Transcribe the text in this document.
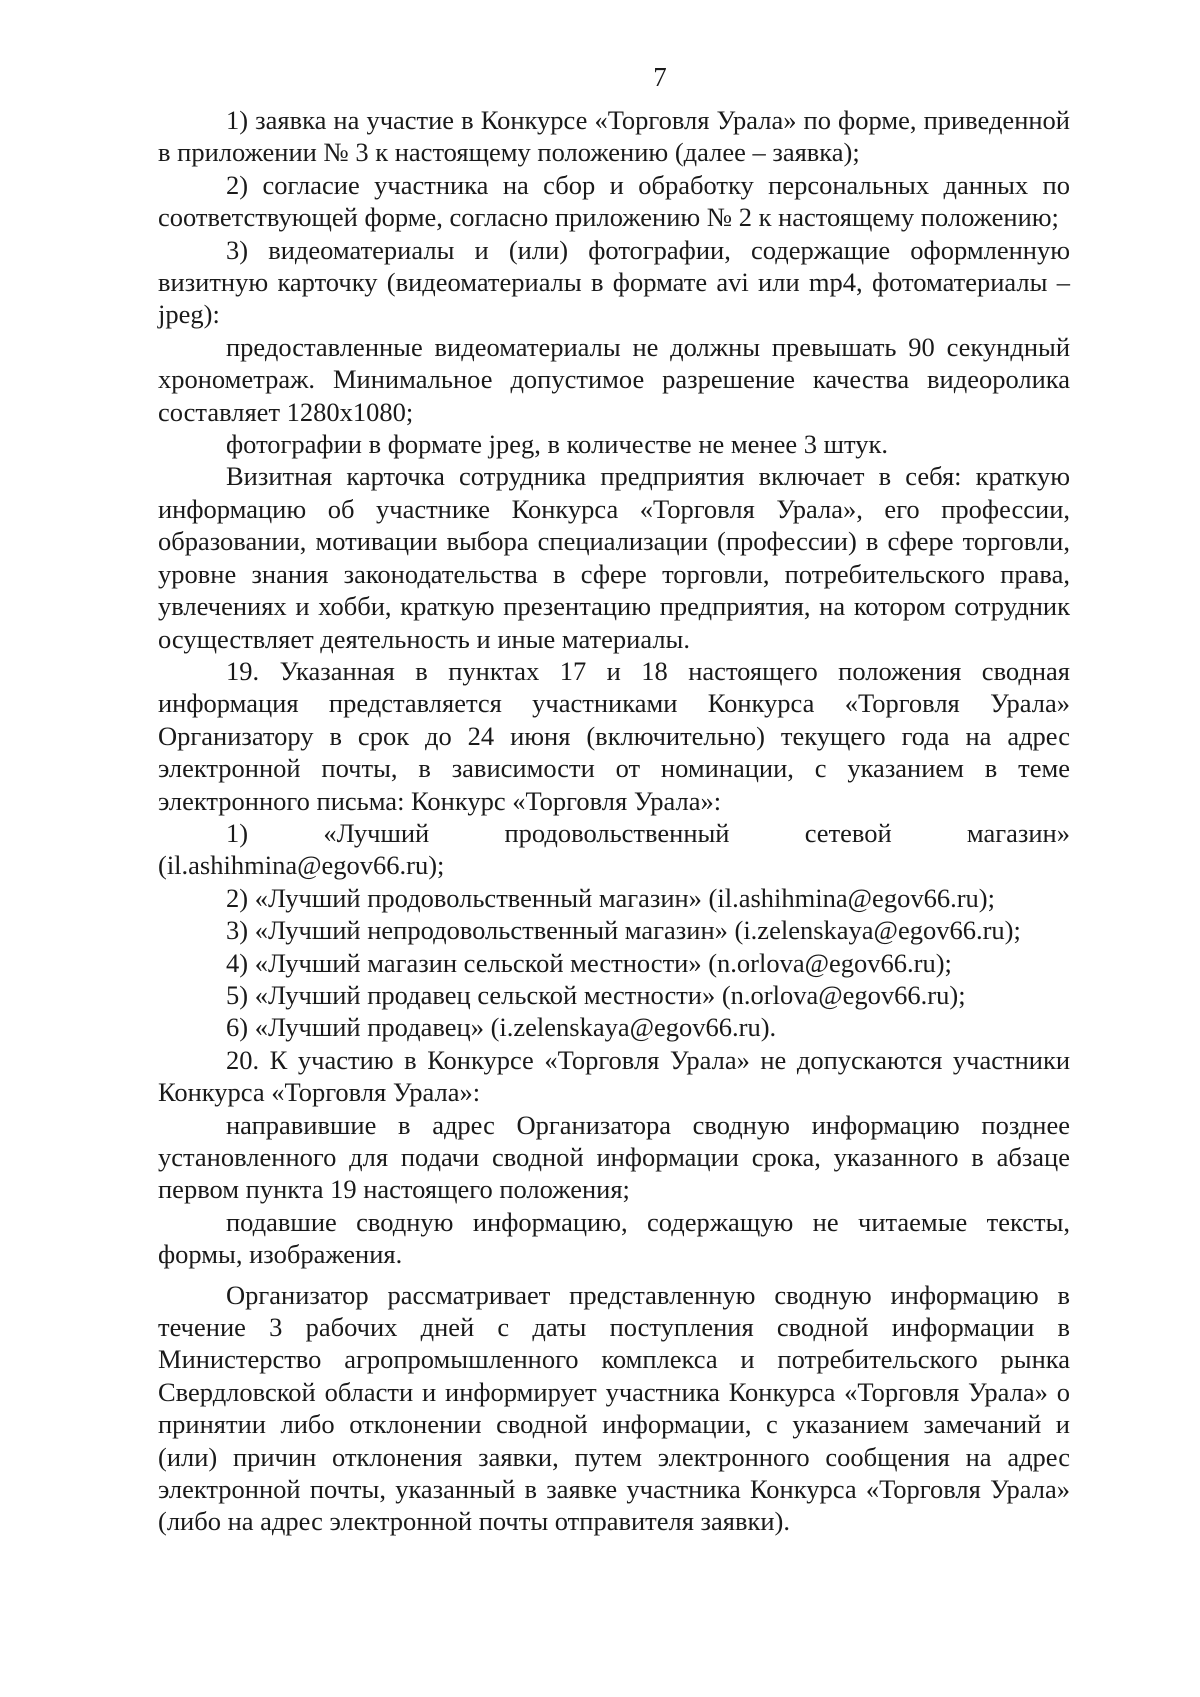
7

1) заявка на участие в Конкурсе «Торговля Урала» по форме, приведенной в приложении № 3 к настоящему положению (далее – заявка);

2) согласие участника на сбор и обработку персональных данных по соответствующей форме, согласно приложению № 2 к настоящему положению;

3) видеоматериалы и (или) фотографии, содержащие оформленную визитную карточку (видеоматериалы в формате avi или mp4, фотоматериалы – jpeg):

предоставленные видеоматериалы не должны превышать 90 секундный хронометраж. Минимальное допустимое разрешение качества видеоролика составляет 1280х1080;

фотографии в формате jpeg, в количестве не менее 3 штук.

Визитная карточка сотрудника предприятия включает в себя: краткую информацию об участнике Конкурса «Торговля Урала», его профессии, образовании, мотивации выбора специализации (профессии) в сфере торговли, уровне знания законодательства в сфере торговли, потребительского права, увлечениях и хобби, краткую презентацию предприятия, на котором сотрудник осуществляет деятельность и иные материалы.

19. Указанная в пунктах 17 и 18 настоящего положения сводная информация представляется участниками Конкурса «Торговля Урала» Организатору в срок до 24 июня (включительно) текущего года на адрес электронной почты, в зависимости от номинации, с указанием в теме электронного письма: Конкурс «Торговля Урала»:

1) «Лучший продовольственный сетевой магазин» (il.ashihmina@egov66.ru);

2) «Лучший продовольственный магазин» (il.ashihmina@egov66.ru);

3) «Лучший непродовольственный магазин» (i.zelenskaya@egov66.ru);

4) «Лучший магазин сельской местности» (n.orlova@egov66.ru);

5) «Лучший продавец сельской местности» (n.orlova@egov66.ru);

6) «Лучший продавец» (i.zelenskaya@egov66.ru).

20. К участию в Конкурсе «Торговля Урала» не допускаются участники Конкурса «Торговля Урала»:

направившие в адрес Организатора сводную информацию позднее установленного для подачи сводной информации срока, указанного в абзаце первом пункта 19 настоящего положения;

подавшие сводную информацию, содержащую не читаемые тексты, формы, изображения.

Организатор рассматривает представленную сводную информацию в течение 3 рабочих дней с даты поступления сводной информации в Министерство агропромышленного комплекса и потребительского рынка Свердловской области и информирует участника Конкурса «Торговля Урала» о принятии либо отклонении сводной информации, с указанием замечаний и (или) причин отклонения заявки, путем электронного сообщения на адрес электронной почты, указанный в заявке участника Конкурса «Торговля Урала» (либо на адрес электронной почты отправителя заявки).
